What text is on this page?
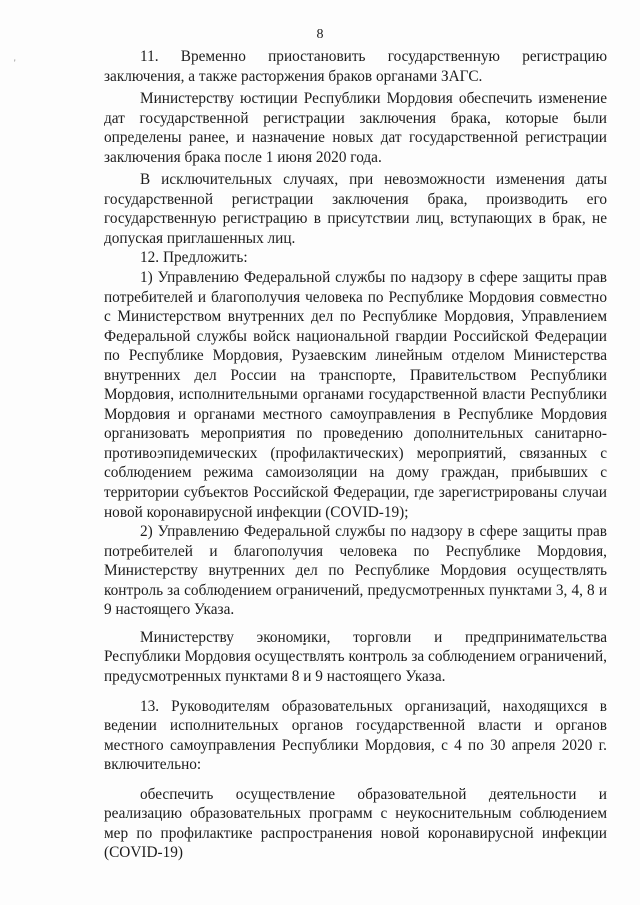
8
'	11. Временно приостановить государственную регистрацию заключения, а также расторжения браков органами ЗАГС.

Министерству юстиции Республики Мордовия обеспечить изменение дат государственной регистрации заключения брака, которые были определены ранее, и назначение новых дат государственной регистрации заключения брака после 1 июня 2020 года.

В исключительных случаях, при невозможности изменения даты государственной регистрации заключения брака, производить его государственную регистрацию в присутствии лиц, вступающих в брак, не допуская приглашенных лиц.

12. Предложить:

1) Управлению Федеральной службы по надзору в сфере защиты прав потребителей и благополучия человека по Республике Мордовия совместно с Министерством внутренних дел по Республике Мордовия, Управлением Федеральной службы войск национальной гвардии Российской Федерации по Республике Мордовия, Рузаевским линейным отделом Министерства внутренних дел России на транспорте, Правительством Республики Мордовия, исполнительными органами государственной власти Республики Мордовия и органами местного самоуправления в Республике Мордовия организовать мероприятия по проведению дополнительных санитарно-противоэпидемических (профилактических) мероприятий, связанных с соблюдением режима самоизоляции на дому граждан, прибывших с территории субъектов Российской Федерации, где зарегистрированы случаи новой коронавирусной инфекции (COVID-19);

2) Управлению Федеральной службы по надзору в сфере защиты прав потребителей и благополучия человека по Республике Мордовия, Министерству внутренних дел по Республике Мордовия осуществлять контроль за соблюдением ограничений, предусмотренных пунктами 3, 4, 8 и 9 настоящего Указа.

Министерству экономики, торговли и предпринимательства Республики Мордовия осуществлять контроль за соблюдением ограничений, предусмотренных пунктами 8 и 9 настоящего Указа.

13. Руководителям образовательных организаций, находящихся в ведении исполнительных органов государственной власти и органов местного самоуправления Республики Мордовия, с 4 по 30 апреля 2020 г. включительно:

обеспечить осуществление образовательной деятельности и реализацию образовательных программ с неукоснительным соблюдением мер по профилактике распространения новой коронавирусной инфекции (COVID-19)
